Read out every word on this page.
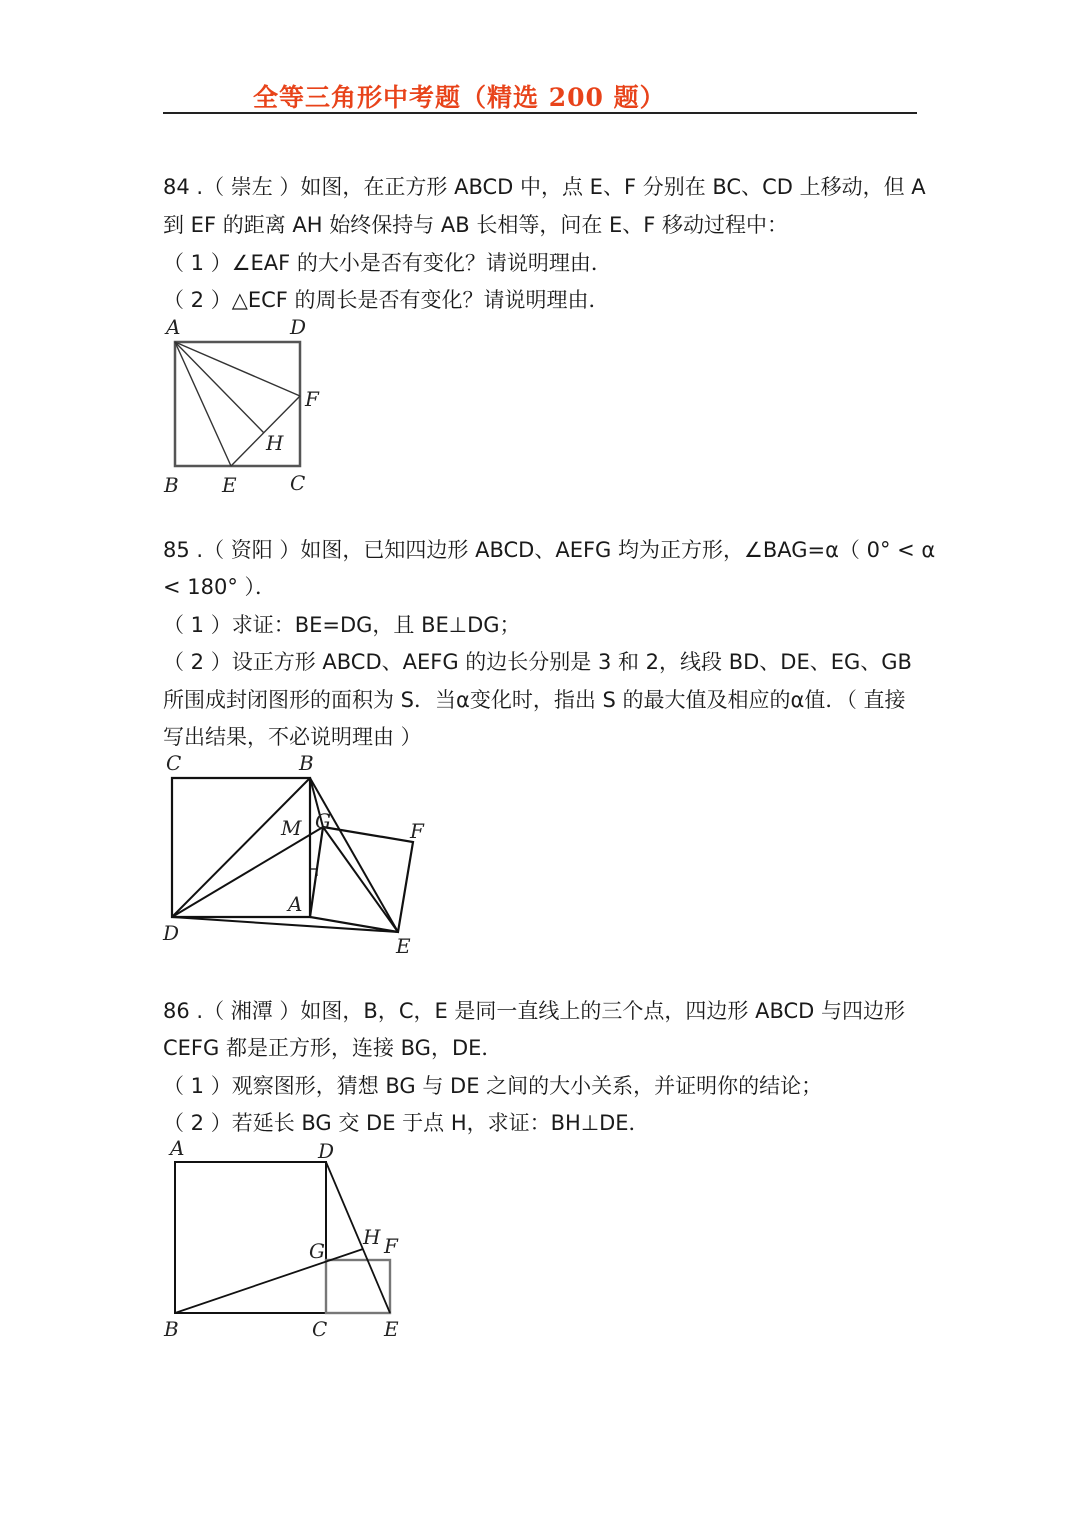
全等三角形中考题（精选 200 题）
84 .（ 崇左 ）如图，在正方形 ABCD 中，点 E、F 分别在 BC、CD 上移动，但 A
到 EF 的距离 AH 始终保持与 AB 长相等，问在 E、F 移动过程中：
（ 1 ）∠EAF 的大小是否有变化？请说明理由．
（ 2 ）△ECF 的周长是否有变化？请说明理由．
A	D
F
H
B E	C
85 .（ 资阳 ）如图，已知四边形 ABCD、AEFG 均为正方形，∠BAG=α（ 0° < α
< 180° ）．
（ 1 ）求证：BE=DG，且 BE⊥DG；
（ 2 ）设正方形 ABCD、AEFG 的边长分别是 3 和 2，线段 BD、DE、EG、GB
所围成封闭图形的面积为 S．当α变化时，指出 S 的最大值及相应的α值．（ 直接
写出结果，不必说明理由 ）
C	B
M G	F
A
D
E
86 .（ 湘潭 ）如图，B，C，E 是同一直线上的三个点，四边形 ABCD 与四边形
CEFG 都是正方形，连接 BG，DE．
（ 1 ）观察图形，猜想 BG 与 DE 之间的大小关系，并证明你的结论；
（ 2 ）若延长 BG 交 DE 于点 H，求证：BH⊥DE．
A	D
G
H F
B	C	E
